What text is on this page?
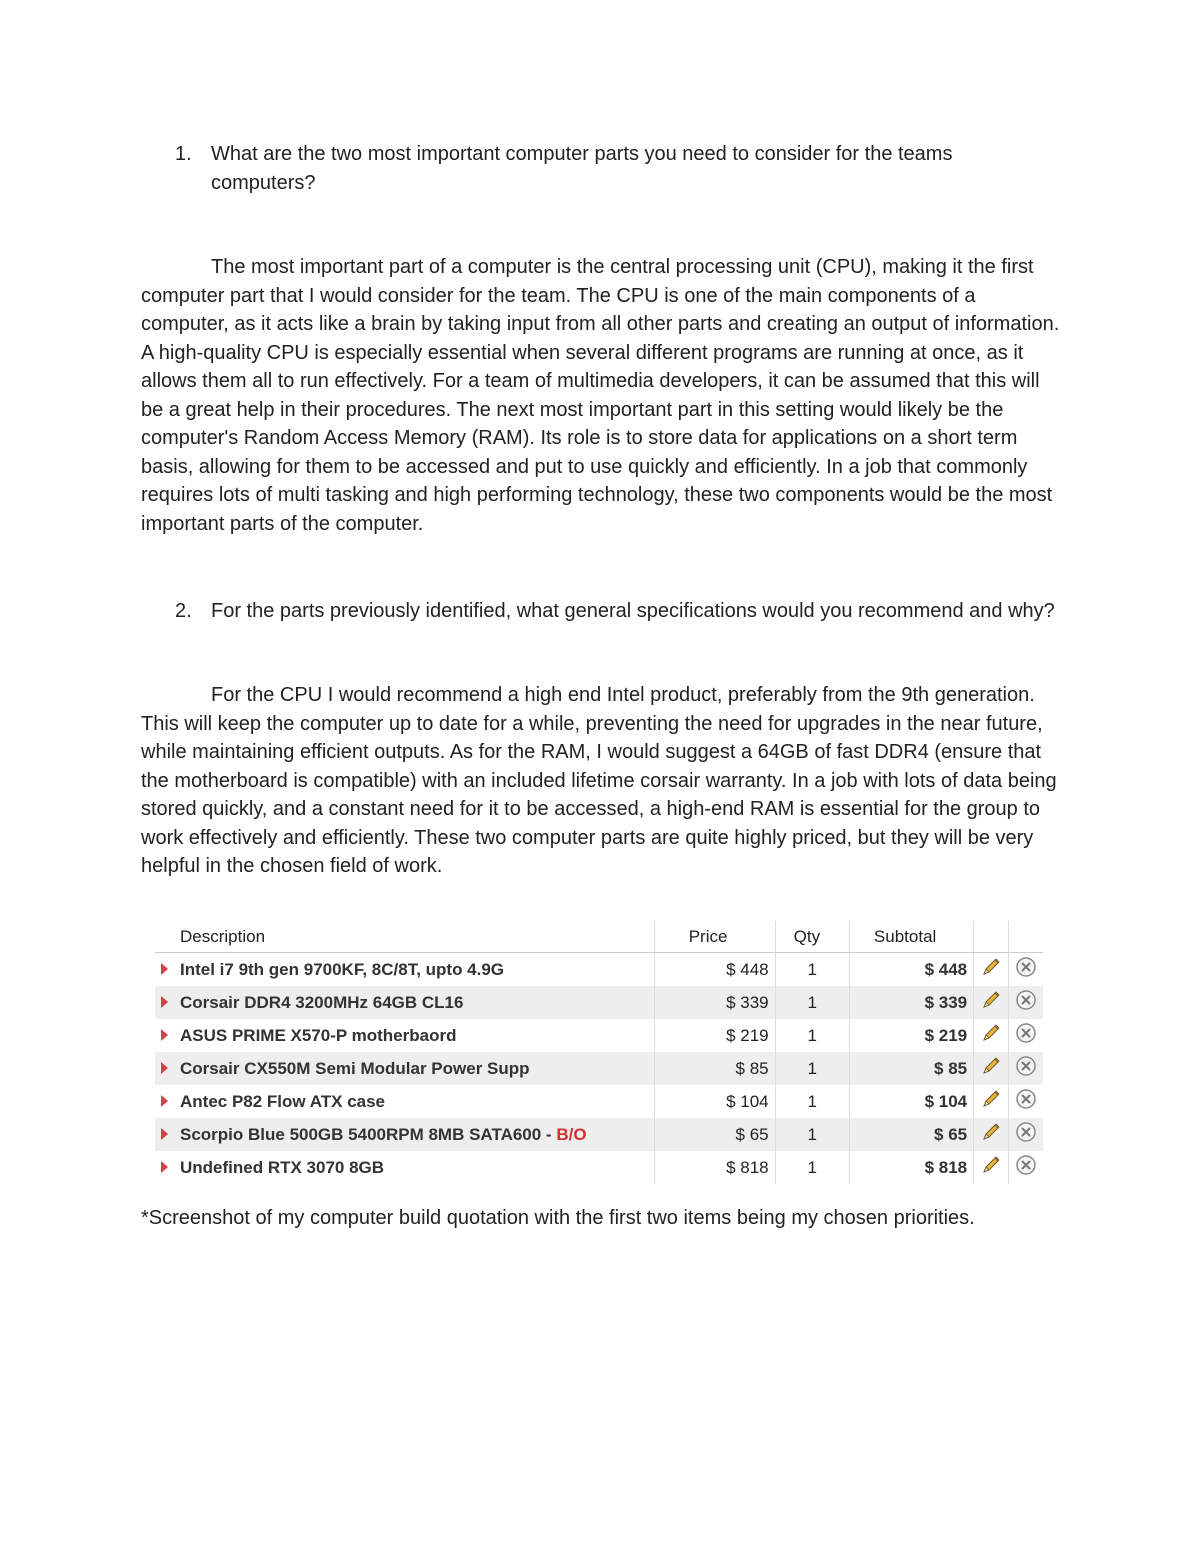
1. What are the two most important computer parts you need to consider for the teams computers?

The most important part of a computer is the central processing unit (CPU), making it the first computer part that I would consider for the team. The CPU is one of the main components of a computer, as it acts like a brain by taking input from all other parts and creating an output of information. A high-quality CPU is especially essential when several different programs are running at once, as it allows them all to run effectively. For a team of multimedia developers, it can be assumed that this will be a great help in their procedures. The next most important part in this setting would likely be the computer's Random Access Memory (RAM). Its role is to store data for applications on a short term basis, allowing for them to be accessed and put to use quickly and efficiently. In a job that commonly requires lots of multi tasking and high performing technology, these two components would be the most important parts of the computer.

2. For the parts previously identified, what general specifications would you recommend and why?

For the CPU I would recommend a high end Intel product, preferably from the 9th generation. This will keep the computer up to date for a while, preventing the need for upgrades in the near future, while maintaining efficient outputs. As for the RAM, I would suggest a 64GB of fast DDR4 (ensure that the motherboard is compatible) with an included lifetime corsair warranty. In a job with lots of data being stored quickly, and a constant need for it to be accessed, a high-end RAM is essential for the group to work effectively and efficiently. These two computer parts are quite highly priced, but they will be very helpful in the chosen field of work.

Description	Price	Qty	Subtotal		
Intel i7 9th gen 9700KF, 8C/8T, upto 4.9G	$ 448	1	$ 448		
Corsair DDR4 3200MHz 64GB CL16	$ 339	1	$ 339		
ASUS PRIME X570-P motherbaord	$ 219	1	$ 219		
Corsair CX550M Semi Modular Power Supp	$ 85	1	$ 85		
Antec P82 Flow ATX case	$ 104	1	$ 104		
Scorpio Blue 500GB 5400RPM 8MB SATA600 - B/O	$ 65	1	$ 65		
Undefined RTX 3070 8GB	$ 818	1	$ 818		

*Screenshot of my computer build quotation with the first two items being my chosen priorities.
